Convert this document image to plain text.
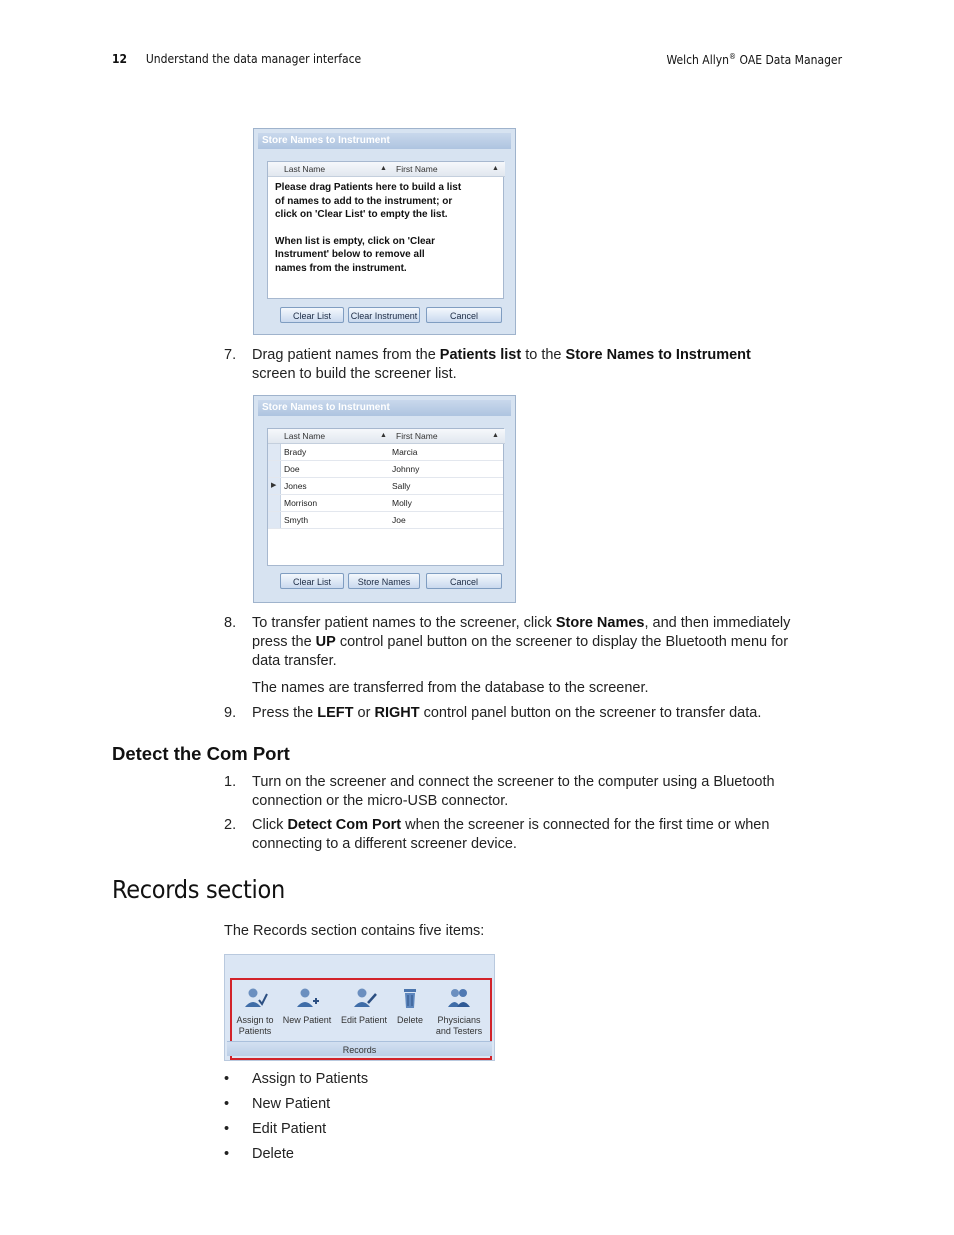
12 Understand the data manager interface	Welch Allyn® OAE Data Manager
Store Names to Instrument
Last Name	▲ First Name	▲
Please drag Patients here to build a list
of names to add to the instrument; or
click on 'Clear List' to empty the list.
When list is empty, click on 'Clear
Instrument' below to remove all
names from the instrument.
Clear List	Clear Instrument	Cancel
7.	Drag patient names from the Patients list to the Store Names to Instrument
screen to build the screener list.
Store Names to Instrument
Last Name	▲ First Name	▲
Brady	Marcia
Doe	Johnny
▶ Jones	Sally
Morrison	Molly
Smyth	Joe
Clear List	Store Names	Cancel
8.	To transfer patient names to the screener, click Store Names, and then immediately
press the UP control panel button on the screener to display the Bluetooth menu for
data transfer.
The names are transferred from the database to the screener.
9.	Press the LEFT or RIGHT control panel button on the screener to transfer data.
Detect the Com Port
1.	Turn on the screener and connect the screener to the computer using a Bluetooth
connection or the micro-USB connector.
2.	Click Detect Com Port when the screener is connected for the first time or when
connecting to a different screener device.
Records section
The Records section contains five items:
Assign to
Patients
New Patient	Edit Patient	Delete	Physicians
and Testers
Records
• Assign to Patients
• New Patient
• Edit Patient
• Delete
